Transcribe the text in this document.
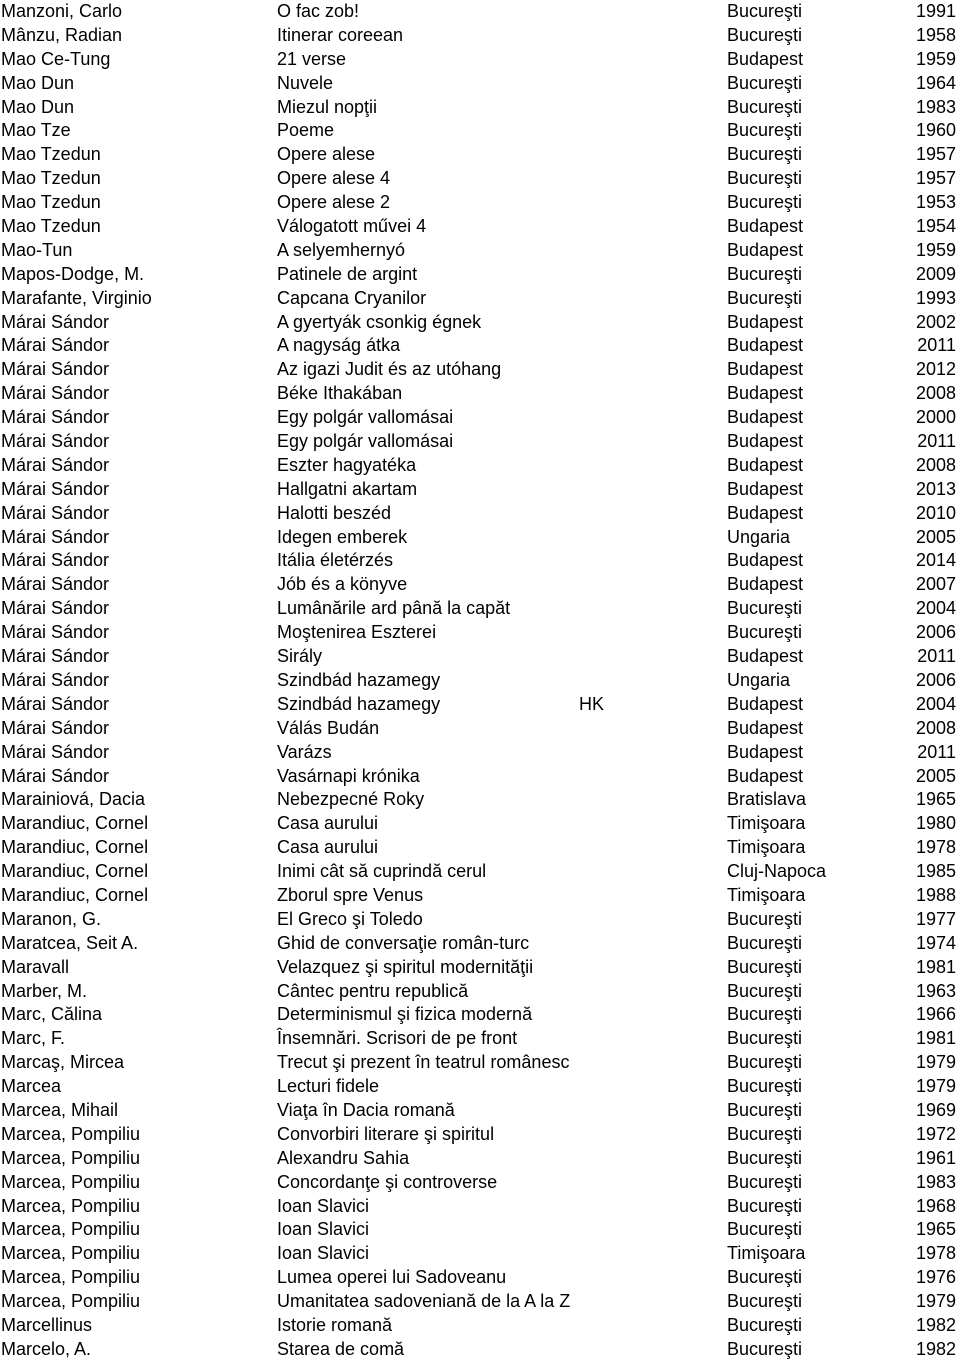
Manzoni, Carlo	O fac zob!	Bucureşti	1991
Mânzu, Radian	Itinerar coreean	Bucureşti	1958
Mao Ce-Tung	21 verse	Budapest	1959
Mao Dun	Nuvele	Bucureşti	1964
Mao Dun	Miezul nopţii	Bucureşti	1983
Mao Tze	Poeme	Bucureşti	1960
Mao Tzedun	Opere alese	Bucureşti	1957
Mao Tzedun	Opere alese 4	Bucureşti	1957
Mao Tzedun	Opere alese 2	Bucureşti	1953
Mao Tzedun	Válogatott művei 4	Budapest	1954
Mao-Tun	A selyemhernyó	Budapest	1959
Mapos-Dodge, M.	Patinele de argint	Bucureşti	2009
Marafante, Virginio	Capcana Cryanilor	Bucureşti	1993
Márai Sándor	A gyertyák csonkig égnek	Budapest	2002
Márai Sándor	A nagyság átka	Budapest	2011
Márai Sándor	Az igazi Judit és az utóhang	Budapest	2012
Márai Sándor	Béke Ithakában	Budapest	2008
Márai Sándor	Egy polgár vallomásai	Budapest	2000
Márai Sándor	Egy polgár vallomásai	Budapest	2011
Márai Sándor	Eszter hagyatéka	Budapest	2008
Márai Sándor	Hallgatni akartam	Budapest	2013
Márai Sándor	Halotti beszéd	Budapest	2010
Márai Sándor	Idegen emberek	Ungaria	2005
Márai Sándor	Itália életérzés	Budapest	2014
Márai Sándor	Jób és a könyve	Budapest	2007
Márai Sándor	Lumânările ard până la capăt	Bucureşti	2004
Márai Sándor	Moştenirea Eszterei	Bucureşti	2006
Márai Sándor	Sirály	Budapest	2011
Márai Sándor	Szindbád hazamegy	Ungaria	2006
Márai Sándor	Szindbád hazamegy	HK	Budapest	2004
Márai Sándor	Válás Budán	Budapest	2008
Márai Sándor	Varázs	Budapest	2011
Márai Sándor	Vasárnapi krónika	Budapest	2005
Marainiová, Dacia	Nebezpecné Roky	Bratislava	1965
Marandiuc, Cornel	Casa aurului	Timişoara	1980
Marandiuc, Cornel	Casa aurului	Timişoara	1978
Marandiuc, Cornel	Inimi cât să cuprindă cerul	Cluj-Napoca	1985
Marandiuc, Cornel	Zborul spre Venus	Timişoara	1988
Maranon, G.	El Greco şi Toledo	Bucureşti	1977
Maratcea, Seit A.	Ghid de conversaţie român-turc	Bucureşti	1974
Maravall	Velazquez şi spiritul modernităţii	Bucureşti	1981
Marber, M.	Cântec pentru republică	Bucureşti	1963
Marc, Călina	Determinismul şi fizica modernă	Bucureşti	1966
Marc, F.	Însemnări. Scrisori de pe front	Bucureşti	1981
Marcaş, Mircea	Trecut şi prezent în teatrul românesc	Bucureşti	1979
Marcea	Lecturi fidele	Bucureşti	1979
Marcea, Mihail	Viaţa în Dacia romană	Bucureşti	1969
Marcea, Pompiliu	Convorbiri literare şi spiritul	Bucureşti	1972
Marcea, Pompiliu	Alexandru Sahia	Bucureşti	1961
Marcea, Pompiliu	Concordanţe şi controverse	Bucureşti	1983
Marcea, Pompiliu	Ioan Slavici	Bucureşti	1968
Marcea, Pompiliu	Ioan Slavici	Bucureşti	1965
Marcea, Pompiliu	Ioan Slavici	Timişoara	1978
Marcea, Pompiliu	Lumea operei lui Sadoveanu	Bucureşti	1976
Marcea, Pompiliu	Umanitatea sadoveniană de la A la Z	Bucureşti	1979
Marcellinus	Istorie romană	Bucureşti	1982
Marcelo, A.	Starea de comă	Bucureşti	1982
